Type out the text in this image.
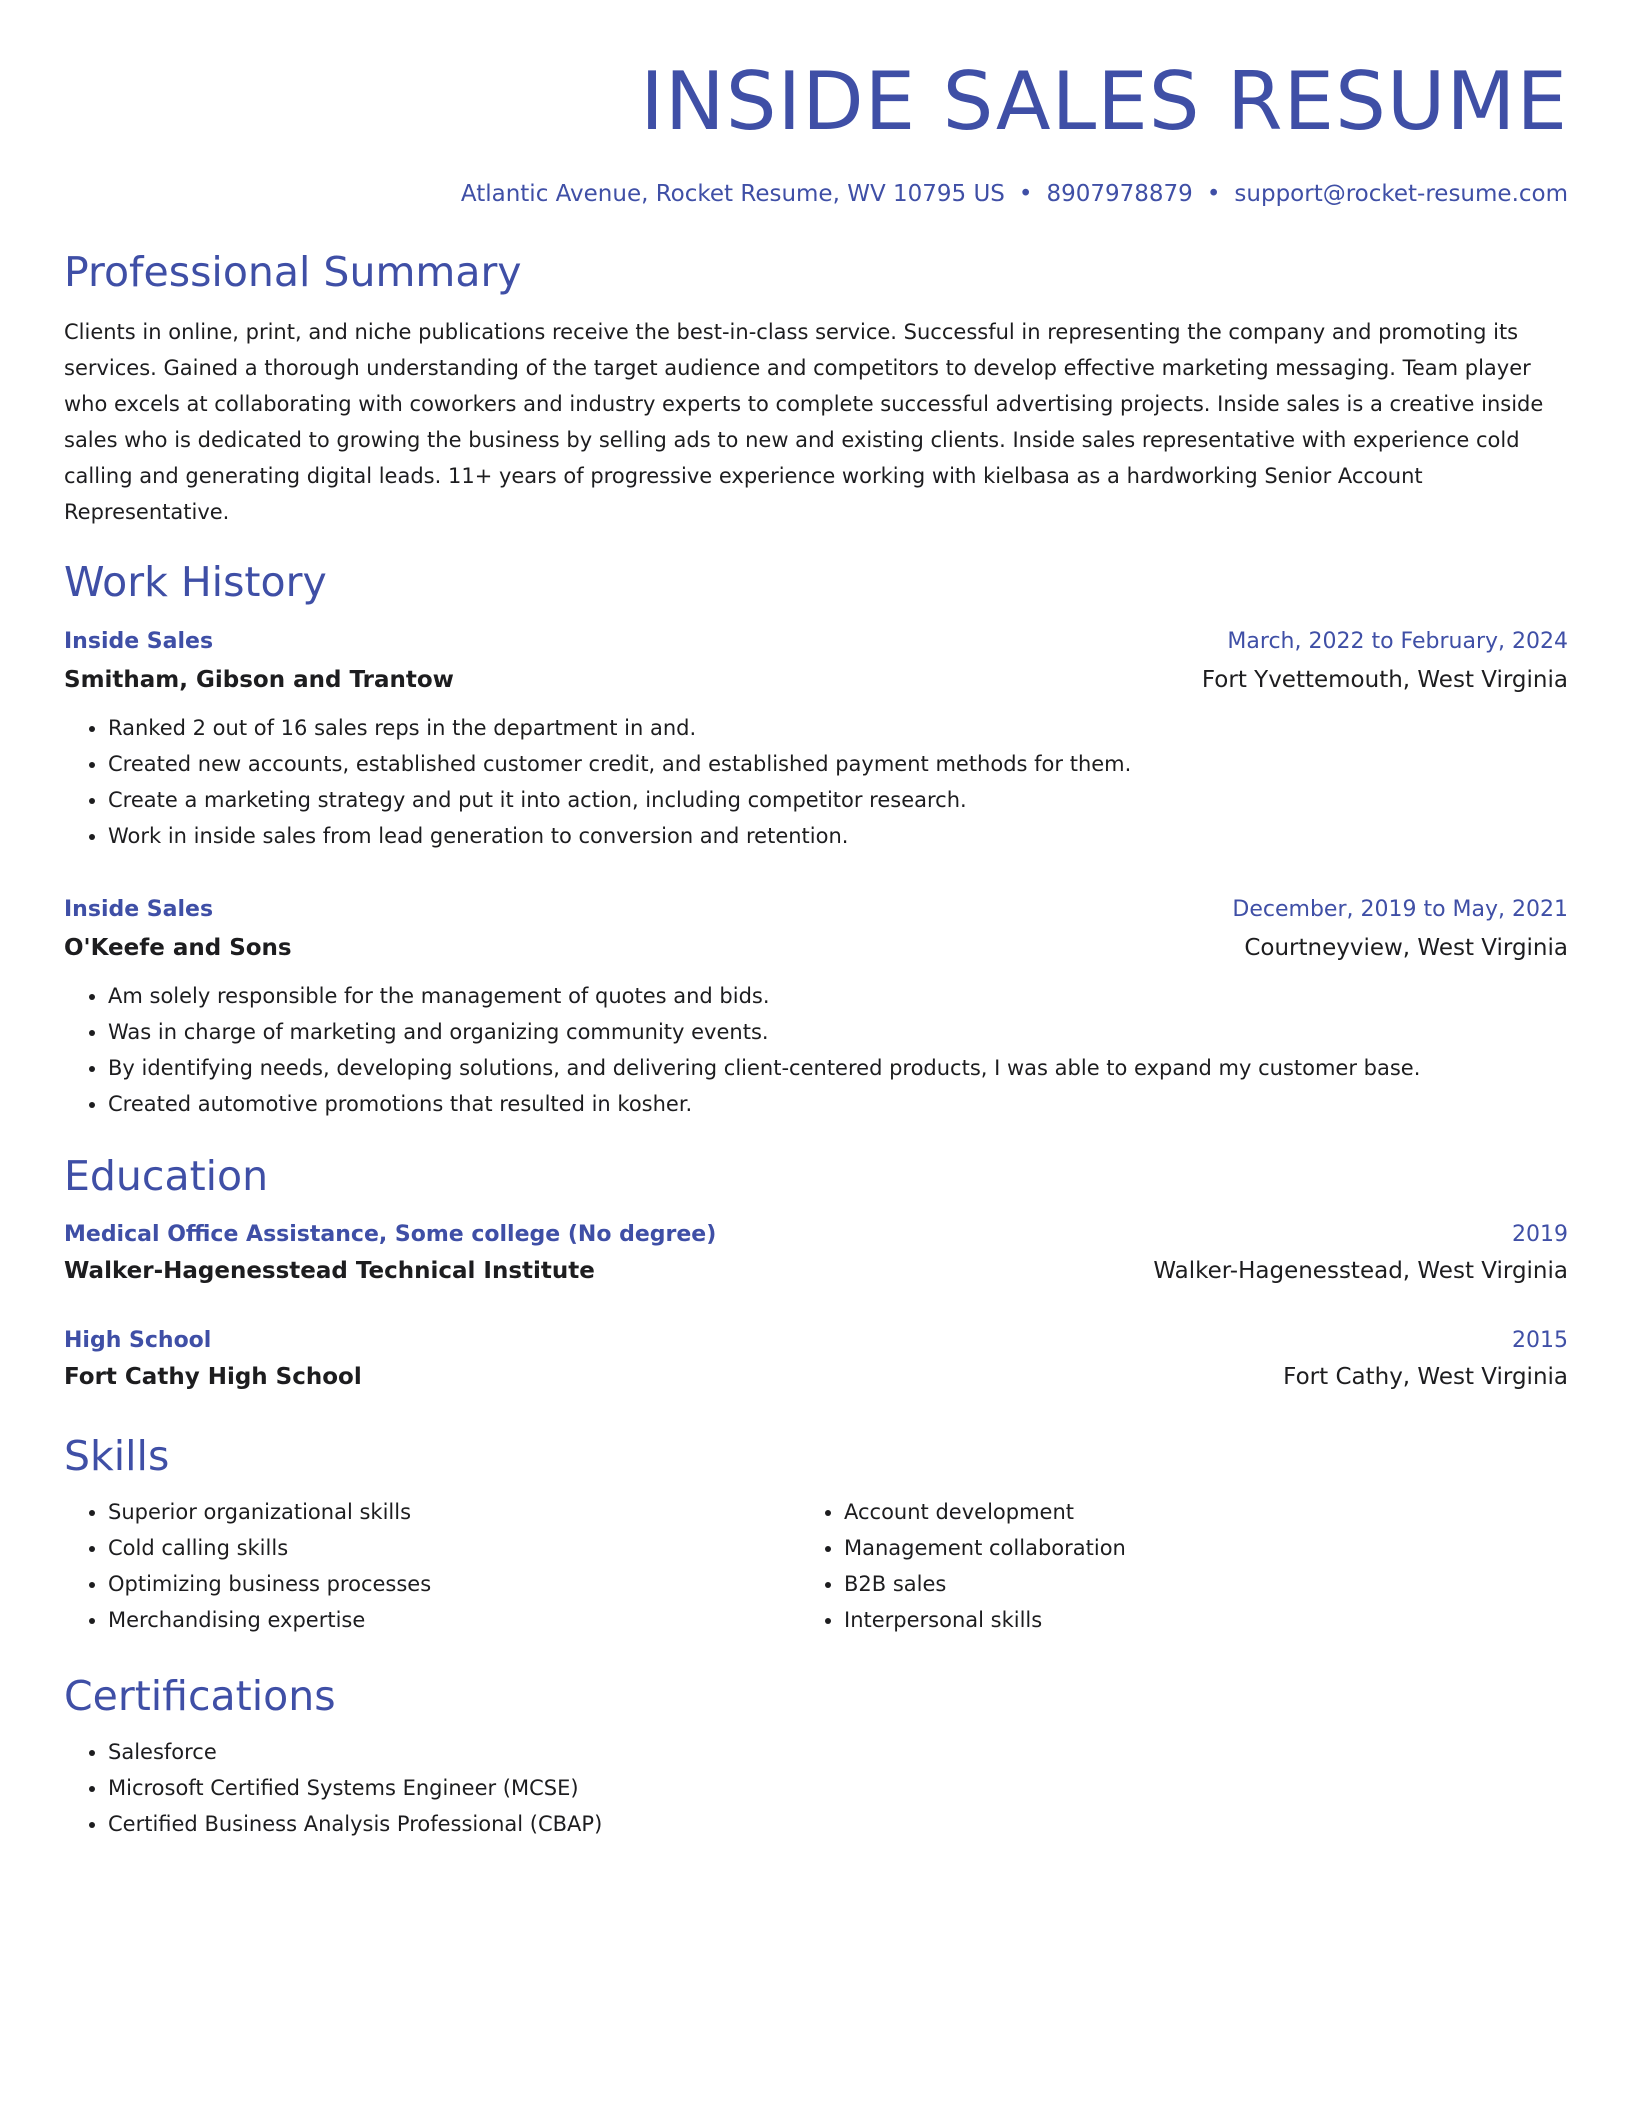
INSIDE SALES RESUME
Atlantic Avenue, Rocket Resume, WV 10795 US • 8907978879 • support@rocket-resume.com
Professional Summary
Clients in online, print, and niche publications receive the best-in-class service. Successful in representing the company and promoting its services. Gained a thorough understanding of the target audience and competitors to develop effective marketing messaging. Team player who excels at collaborating with coworkers and industry experts to complete successful advertising projects. Inside sales is a creative inside sales who is dedicated to growing the business by selling ads to new and existing clients. Inside sales representative with experience cold calling and generating digital leads. 11+ years of progressive experience working with kielbasa as a hardworking Senior Account Representative.
Work History
Inside Sales	March, 2022 to February, 2024
Smitham, Gibson and Trantow	Fort Yvettemouth, West Virginia
• Ranked 2 out of 16 sales reps in the department in and.
• Created new accounts, established customer credit, and established payment methods for them.
• Create a marketing strategy and put it into action, including competitor research.
• Work in inside sales from lead generation to conversion and retention.
Inside Sales	December, 2019 to May, 2021
O'Keefe and Sons	Courtneyview, West Virginia
• Am solely responsible for the management of quotes and bids.
• Was in charge of marketing and organizing community events.
• By identifying needs, developing solutions, and delivering client-centered products, I was able to expand my customer base.
• Created automotive promotions that resulted in kosher.
Education
Medical Office Assistance, Some college (No degree)	2019
Walker-Hagenesstead Technical Institute	Walker-Hagenesstead, West Virginia
High School	2015
Fort Cathy High School	Fort Cathy, West Virginia
Skills
• Superior organizational skills
• Cold calling skills
• Optimizing business processes
• Merchandising expertise
• Account development
• Management collaboration
• B2B sales
• Interpersonal skills
Certifications
• Salesforce
• Microsoft Certified Systems Engineer (MCSE)
• Certified Business Analysis Professional (CBAP)
